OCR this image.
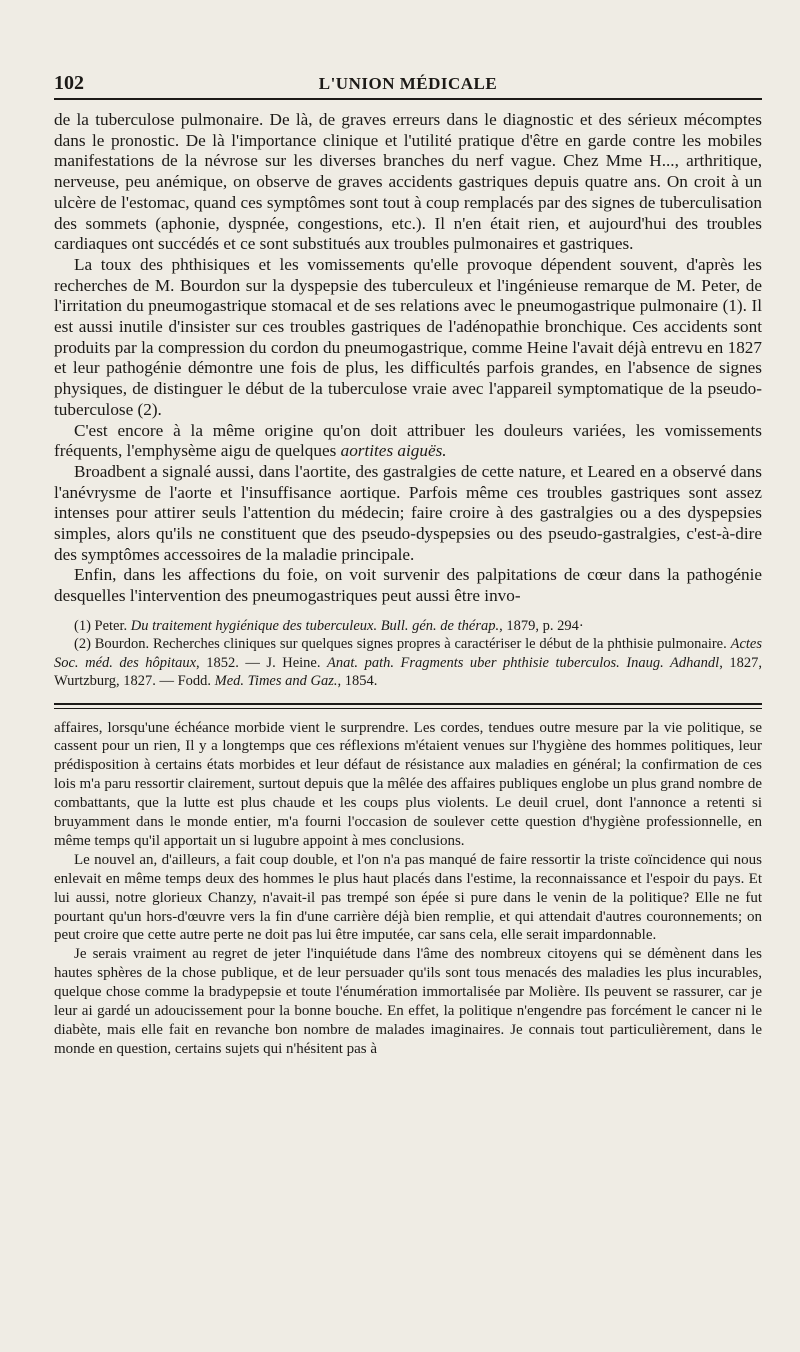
102	L'UNION MÉDICALE

de la tuberculose pulmonaire. De là, de graves erreurs dans le diagnostic et des sérieux mécomptes dans le pronostic. De là l'importance clinique et l'utilité pratique d'être en garde contre les mobiles manifestations de la névrose sur les diverses branches du nerf vague. Chez Mme H..., arthritique, nerveuse, peu anémique, on observe de graves accidents gastriques depuis quatre ans. On croit à un ulcère de l'estomac, quand ces symptômes sont tout à coup remplacés par des signes de tuberculisation des sommets (aphonie, dyspnée, congestions, etc.). Il n'en était rien, et aujourd'hui des troubles cardiaques ont succédés et ce sont substitués aux troubles pulmonaires et gastriques.

La toux des phthisiques et les vomissements qu'elle provoque dépendent souvent, d'après les recherches de M. Bourdon sur la dyspepsie des tuberculeux et l'ingénieuse remarque de M. Peter, de l'irritation du pneumogastrique stomacal et de ses relations avec le pneumogastrique pulmonaire (1). Il est aussi inutile d'insister sur ces troubles gastriques de l'adénopathie bronchique. Ces accidents sont produits par la compression du cordon du pneumogastrique, comme Heine l'avait déjà entrevu en 1827 et leur pathogénie démontre une fois de plus, les difficultés parfois grandes, en l'absence de signes physiques, de distinguer le début de la tuberculose vraie avec l'appareil symptomatique de la pseudo-tuberculose (2).

C'est encore à la même origine qu'on doit attribuer les douleurs variées, les vomissements fréquents, l'emphysème aigu de quelques aortites aiguës.

Broadbent a signalé aussi, dans l'aortite, des gastralgies de cette nature, et Leared en a observé dans l'anévrysme de l'aorte et l'insuffisance aortique. Parfois même ces troubles gastriques sont assez intenses pour attirer seuls l'attention du médecin; faire croire à des gastralgies ou a des dyspepsies simples, alors qu'ils ne constituent que des pseudo-dyspepsies ou des pseudo-gastralgies, c'est-à-dire des symptômes accessoires de la maladie principale.

Enfin, dans les affections du foie, on voit survenir des palpitations de cœur dans la pathogénie desquelles l'intervention des pneumogastriques peut aussi être invo-

(1) Peter. Du traitement hygiénique des tuberculeux. Bull. gén. de thérap., 1879, p. 294·

(2) Bourdon. Recherches cliniques sur quelques signes propres à caractériser le début de la phthisie pulmonaire. Actes Soc. méd. des hôpitaux, 1852. — J. Heine. Anat. path. Fragments uber phthisie tuberculos. Inaug. Adhandl, 1827, Wurtzburg, 1827. — Fodd. Med. Times and Gaz., 1854.

affaires, lorsqu'une échéance morbide vient le surprendre. Les cordes, tendues outre mesure par la vie politique, se cassent pour un rien, Il y a longtemps que ces réflexions m'étaient venues sur l'hygiène des hommes politiques, leur prédisposition à certains états morbides et leur défaut de résistance aux maladies en général; la confirmation de ces lois m'a paru ressortir clairement, surtout depuis que la mêlée des affaires publiques englobe un plus grand nombre de combattants, que la lutte est plus chaude et les coups plus violents. Le deuil cruel, dont l'annonce a retenti si bruyamment dans le monde entier, m'a fourni l'occasion de soulever cette question d'hygiène professionnelle, en même temps qu'il apportait un si lugubre appoint à mes conclusions.

Le nouvel an, d'ailleurs, a fait coup double, et l'on n'a pas manqué de faire ressortir la triste coïncidence qui nous enlevait en même temps deux des hommes le plus haut placés dans l'estime, la reconnaissance et l'espoir du pays. Et lui aussi, notre glorieux Chanzy, n'avait-il pas trempé son épée si pure dans le venin de la politique? Elle ne fut pourtant qu'un hors-d'œuvre vers la fin d'une carrière déjà bien remplie, et qui attendait d'autres couronnements; on peut croire que cette autre perte ne doit pas lui être imputée, car sans cela, elle serait impardonnable.

Je serais vraiment au regret de jeter l'inquiétude dans l'âme des nombreux citoyens qui se démènent dans les hautes sphères de la chose publique, et de leur persuader qu'ils sont tous menacés des maladies les plus incurables, quelque chose comme la bradypepsie et toute l'énumération immortalisée par Molière. Ils peuvent se rassurer, car je leur ai gardé un adoucissement pour la bonne bouche. En effet, la politique n'engendre pas forcément le cancer ni le diabète, mais elle fait en revanche bon nombre de malades imaginaires. Je connais tout particulièrement, dans le monde en question, certains sujets qui n'hésitent pas à
